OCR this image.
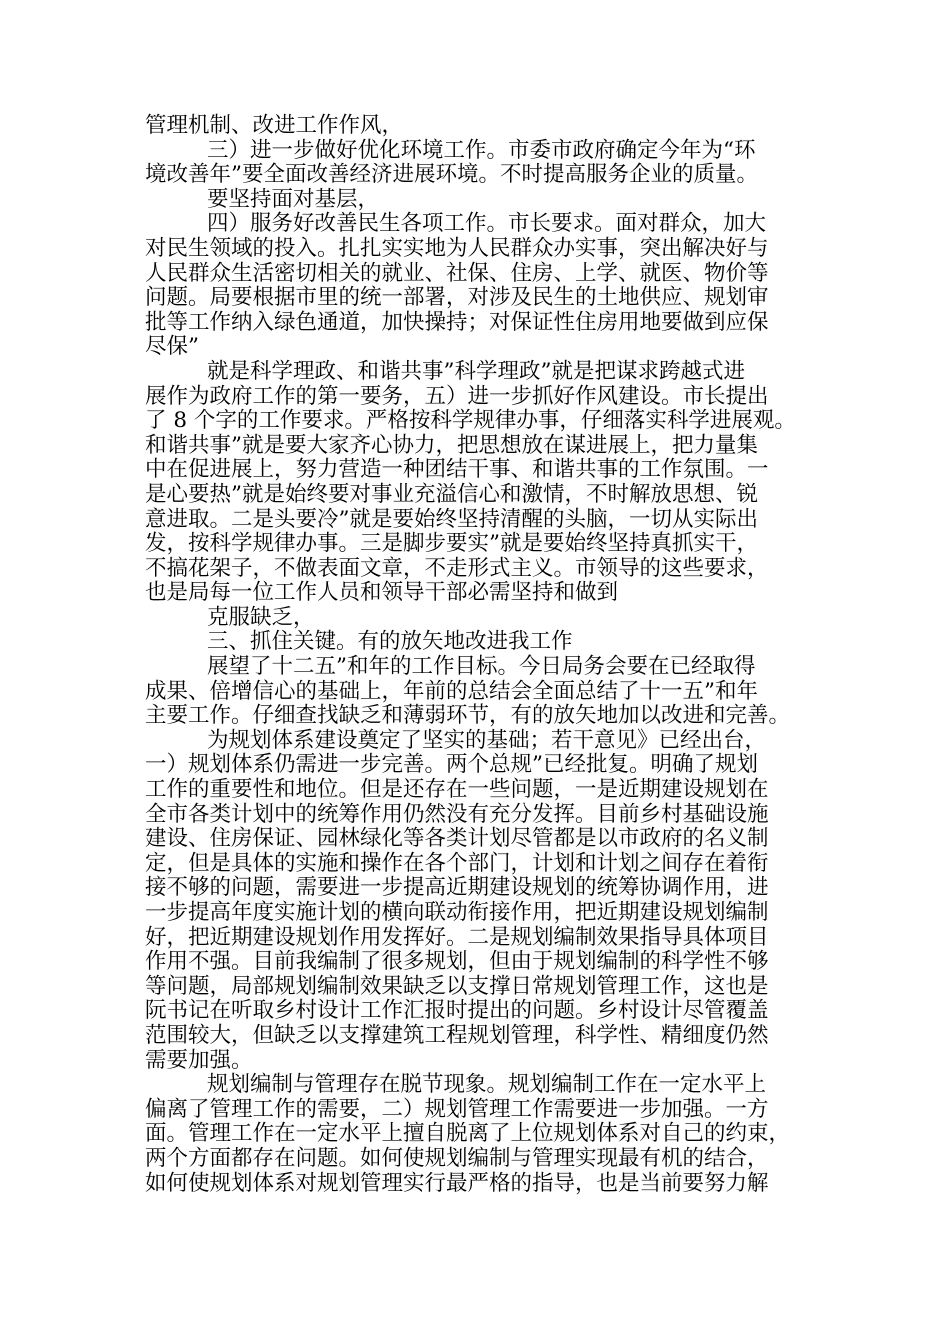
管理机制、改进工作作风，
三）进一步做好优化环境工作。市委市政府确定今年为“环
境改善年”要全面改善经济进展环境。不时提高服务企业的质量。
要坚持面对基层，
四）服务好改善民生各项工作。市长要求。面对群众，加大
对民生领域的投入。扎扎实实地为人民群众办实事，突出解决好与
人民群众生活密切相关的就业、社保、住房、上学、就医、物价等
问题。局要根据市里的统一部署，对涉及民生的土地供应、规划审
批等工作纳入绿色通道，加快操持；对保证性住房用地要做到应保
尽保”
就是科学理政、和谐共事”科学理政”就是把谋求跨越式进
展作为政府工作的第一要务，五）进一步抓好作风建设。市长提出
了 8 个字的工作要求。严格按科学规律办事，仔细落实科学进展观。
和谐共事”就是要大家齐心协力，把思想放在谋进展上，把力量集
中在促进展上，努力营造一种团结干事、和谐共事的工作氛围。一
是心要热”就是始终要对事业充溢信心和激情，不时解放思想、锐
意进取。二是头要冷”就是要始终坚持清醒的头脑，一切从实际出
发，按科学规律办事。三是脚步要实”就是要始终坚持真抓实干，
不搞花架子，不做表面文章，不走形式主义。市领导的这些要求，
也是局每一位工作人员和领导干部必需坚持和做到
克服缺乏，
三、抓住关键。有的放矢地改进我工作
展望了十二五”和年的工作目标。今日局务会要在已经取得
成果、倍增信心的基础上，年前的总结会全面总结了十一五”和年
主要工作。仔细查找缺乏和薄弱环节，有的放矢地加以改进和完善。
为规划体系建设奠定了坚实的基础；若干意见》已经出台，
一）规划体系仍需进一步完善。两个总规”已经批复。明确了规划
工作的重要性和地位。但是还存在一些问题，一是近期建设规划在
全市各类计划中的统筹作用仍然没有充分发挥。目前乡村基础设施
建设、住房保证、园林绿化等各类计划尽管都是以市政府的名义制
定，但是具体的实施和操作在各个部门，计划和计划之间存在着衔
接不够的问题，需要进一步提高近期建设规划的统筹协调作用，进
一步提高年度实施计划的横向联动衔接作用，把近期建设规划编制
好，把近期建设规划作用发挥好。二是规划编制效果指导具体项目
作用不强。目前我编制了很多规划，但由于规划编制的科学性不够
等问题，局部规划编制效果缺乏以支撑日常规划管理工作，这也是
阮书记在听取乡村设计工作汇报时提出的问题。乡村设计尽管覆盖
范围较大，但缺乏以支撑建筑工程规划管理，科学性、精细度仍然
需要加强。
规划编制与管理存在脱节现象。规划编制工作在一定水平上
偏离了管理工作的需要，二）规划管理工作需要进一步加强。一方
面。管理工作在一定水平上擅自脱离了上位规划体系对自己的约束，
两个方面都存在问题。如何使规划编制与管理实现最有机的结合，
如何使规划体系对规划管理实行最严格的指导，也是当前要努力解
